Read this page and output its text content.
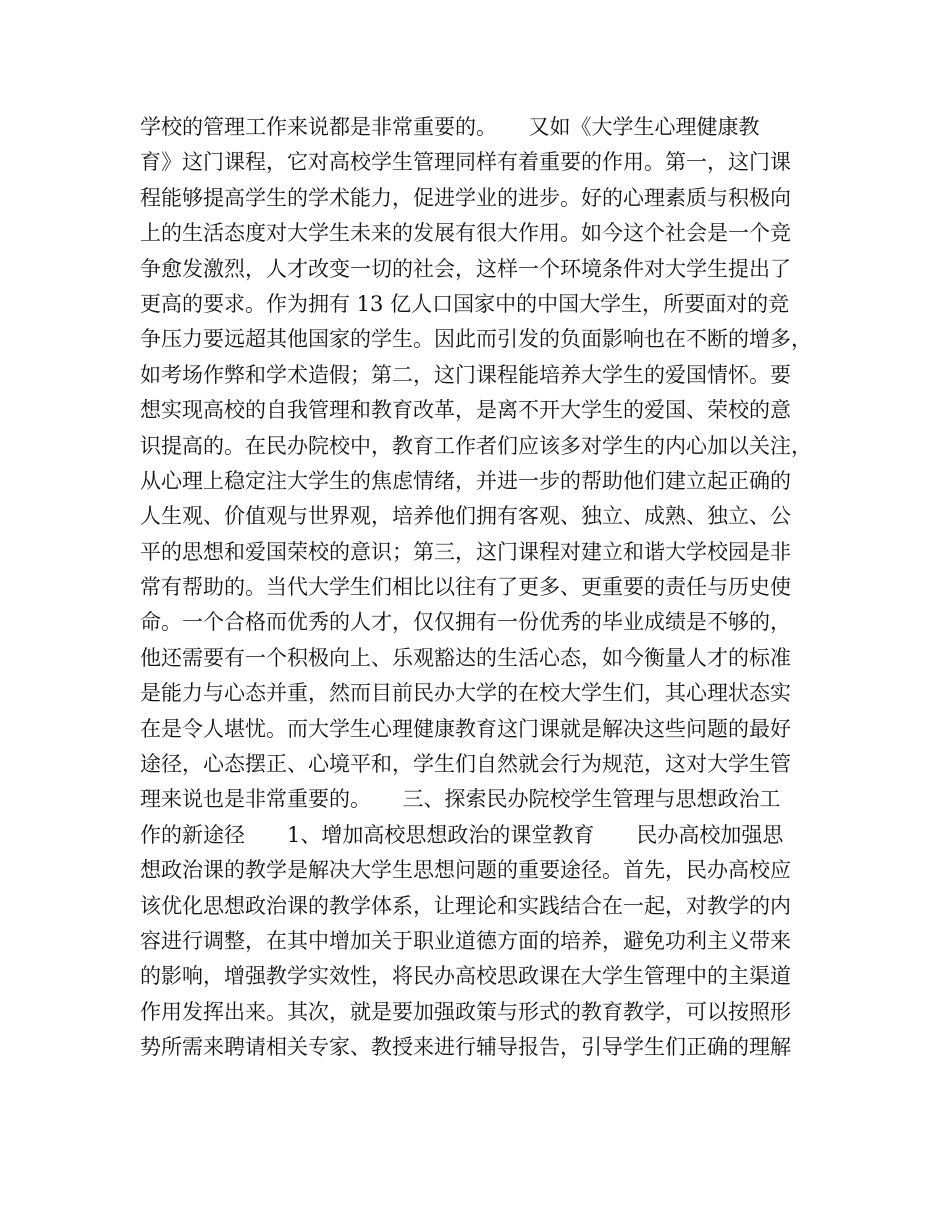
学校的管理工作来说都是非常重要的。　　又如《大学生心理健康教
育》这门课程，它对高校学生管理同样有着重要的作用。第一，这门课
程能够提高学生的学术能力，促进学业的进步。好的心理素质与积极向
上的生活态度对大学生未来的发展有很大作用。如今这个社会是一个竞
争愈发激烈，人才改变一切的社会，这样一个环境条件对大学生提出了
更高的要求。作为拥有 13 亿人口国家中的中国大学生，所要面对的竞
争压力要远超其他国家的学生。因此而引发的负面影响也在不断的增多，
如考场作弊和学术造假；第二，这门课程能培养大学生的爱国情怀。要
想实现高校的自我管理和教育改革，是离不开大学生的爱国、荣校的意
识提高的。在民办院校中，教育工作者们应该多对学生的内心加以关注，
从心理上稳定注大学生的焦虑情绪，并进一步的帮助他们建立起正确的
人生观、价值观与世界观，培养他们拥有客观、独立、成熟、独立、公
平的思想和爱国荣校的意识；第三，这门课程对建立和谐大学校园是非
常有帮助的。当代大学生们相比以往有了更多、更重要的责任与历史使
命。一个合格而优秀的人才，仅仅拥有一份优秀的毕业成绩是不够的，
他还需要有一个积极向上、乐观豁达的生活心态，如今衡量人才的标准
是能力与心态并重，然而目前民办大学的在校大学生们，其心理状态实
在是令人堪忧。而大学生心理健康教育这门课就是解决这些问题的最好
途径，心态摆正、心境平和，学生们自然就会行为规范，这对大学生管
理来说也是非常重要的。　　三、探索民办院校学生管理与思想政治工
作的新途径　　1、增加高校思想政治的课堂教育　　民办高校加强思
想政治课的教学是解决大学生思想问题的重要途径。首先，民办高校应
该优化思想政治课的教学体系，让理论和实践结合在一起，对教学的内
容进行调整，在其中增加关于职业道德方面的培养，避免功利主义带来
的影响，增强教学实效性，将民办高校思政课在大学生管理中的主渠道
作用发挥出来。其次，就是要加强政策与形式的教育教学，可以按照形
势所需来聘请相关专家、教授来进行辅导报告，引导学生们正确的理解
